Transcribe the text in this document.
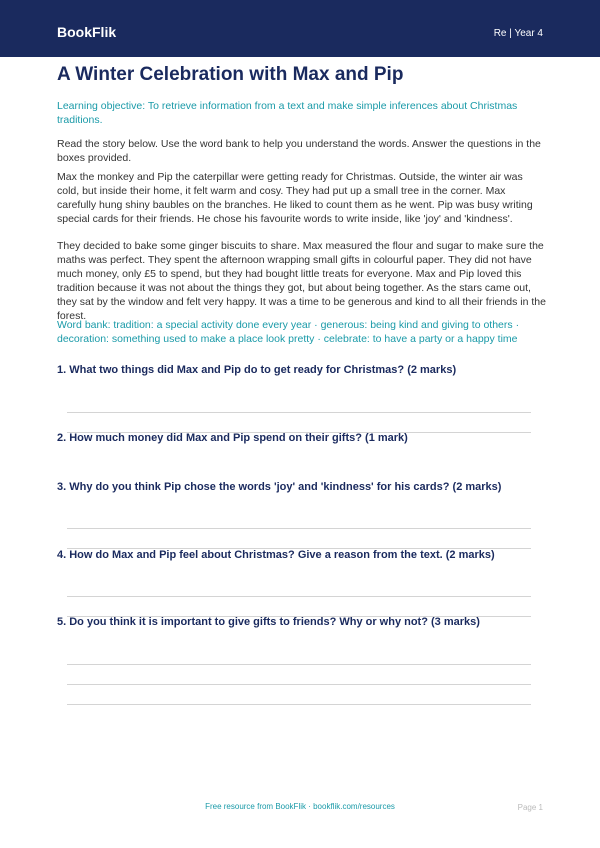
BookFlik	Re | Year 4
A Winter Celebration with Max and Pip
Learning objective: To retrieve information from a text and make simple inferences about Christmas traditions.
Read the story below. Use the word bank to help you understand the words. Answer the questions in the boxes provided.
Max the monkey and Pip the caterpillar were getting ready for Christmas. Outside, the winter air was cold, but inside their home, it felt warm and cosy. They had put up a small tree in the corner. Max carefully hung shiny baubles on the branches. He liked to count them as he went. Pip was busy writing special cards for their friends. He chose his favourite words to write inside, like 'joy' and 'kindness'.
They decided to bake some ginger biscuits to share. Max measured the flour and sugar to make sure the maths was perfect. They spent the afternoon wrapping small gifts in colourful paper. They did not have much money, only £5 to spend, but they had bought little treats for everyone. Max and Pip loved this tradition because it was not about the things they got, but about being together. As the stars came out, they sat by the window and felt very happy. It was a time to be generous and kind to all their friends in the forest.
Word bank: tradition: a special activity done every year · generous: being kind and giving to others · decoration: something used to make a place look pretty · celebrate: to have a party or a happy time
1. What two things did Max and Pip do to get ready for Christmas? (2 marks)
2. How much money did Max and Pip spend on their gifts? (1 mark)
3. Why do you think Pip chose the words 'joy' and 'kindness' for his cards? (2 marks)
4. How do Max and Pip feel about Christmas? Give a reason from the text. (2 marks)
5. Do you think it is important to give gifts to friends? Why or why not? (3 marks)
Free resource from BookFlik · bookflik.com/resources	Page 1
